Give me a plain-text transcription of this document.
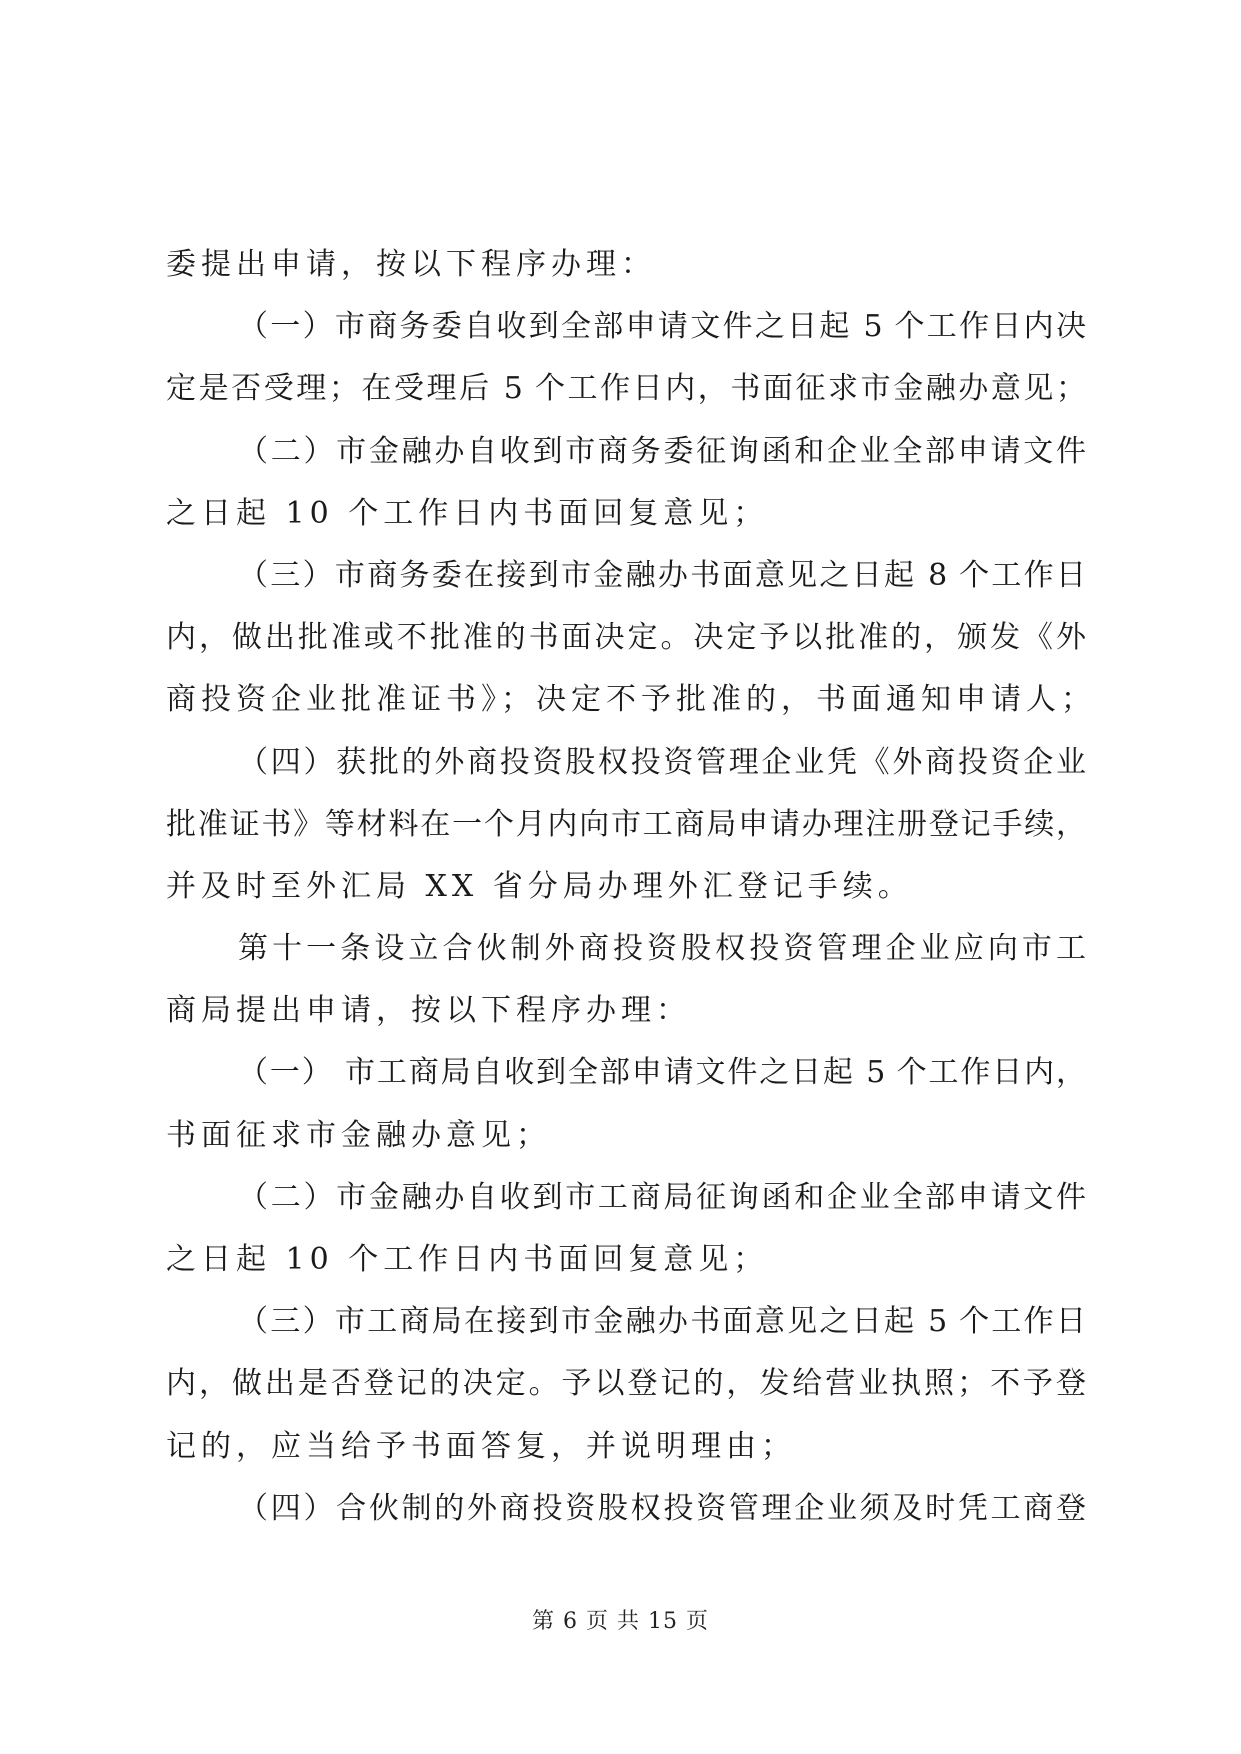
委提出申请，按以下程序办理：
（一）市商务委自收到全部申请文件之日起 5 个工作日内决
定是否受理；在受理后 5 个工作日内，书面征求市金融办意见；
（二）市金融办自收到市商务委征询函和企业全部申请文件
之日起 10 个工作日内书面回复意见；
（三）市商务委在接到市金融办书面意见之日起 8 个工作日
内，做出批准或不批准的书面决定。决定予以批准的，颁发《外
商投资企业批准证书》；决定不予批准的，书面通知申请人；
（四）获批的外商投资股权投资管理企业凭《外商投资企业
批准证书》等材料在一个月内向市工商局申请办理注册登记手续，
并及时至外汇局 XX 省分局办理外汇登记手续。
第十一条设立合伙制外商投资股权投资管理企业应向市工
商局提出申请，按以下程序办理：
（一） 市工商局自收到全部申请文件之日起 5 个工作日内，
书面征求市金融办意见；
（二）市金融办自收到市工商局征询函和企业全部申请文件
之日起 10 个工作日内书面回复意见；
（三）市工商局在接到市金融办书面意见之日起 5 个工作日
内，做出是否登记的决定。予以登记的，发给营业执照；不予登
记的，应当给予书面答复，并说明理由；
（四）合伙制的外商投资股权投资管理企业须及时凭工商登
第 6 页 共 15 页
